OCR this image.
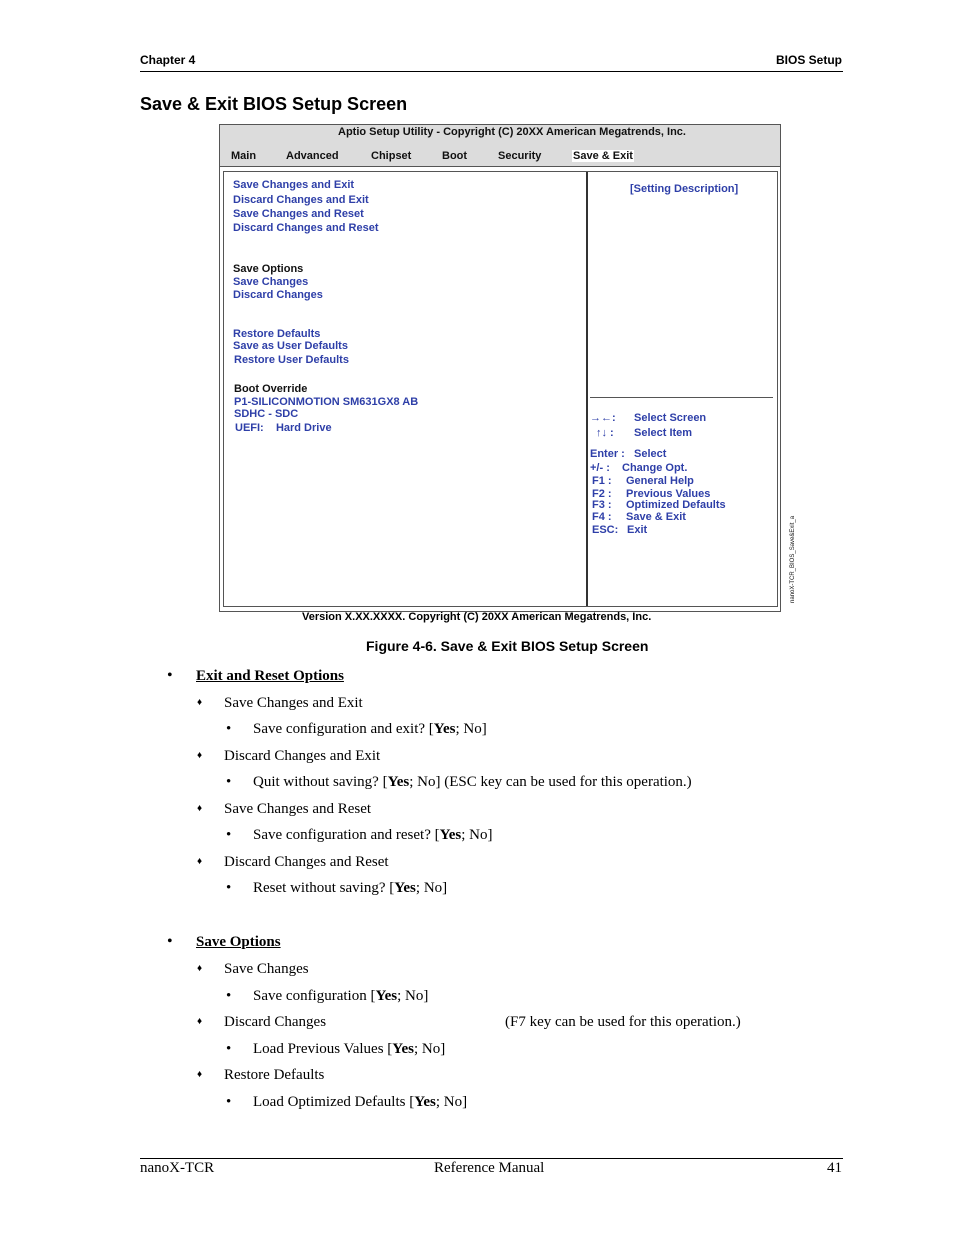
Chapter 4	BIOS Setup
Save & Exit BIOS Setup Screen
Aptio Setup Utility - Copyright (C) 20XX American Megatrends, Inc.
Main	Advanced	Chipset	Boot	Security	Save & Exit
Save Changes and Exit
Discard Changes and Exit
Save Changes and Reset
Discard Changes and Reset
Save Options
Save Changes
Discard Changes
Restore Defaults
Save as User Defaults
Restore User Defaults
Boot Override
P1-SILICONMOTION SM631GX8 AB
SDHC - SDC
UEFI:    Hard Drive
[Setting Description]
→←: Select Screen
↑↓ : Select Item
Enter : Select
+/- : Change Opt.
F1 : General Help
F2 : Previous Values
F3 : Optimized Defaults
F4 : Save & Exit
ESC: Exit	nanoX-TCR_BIOS_Save&Exit_a
Version X.XX.XXXX. Copyright (C) 20XX American Megatrends, Inc.
Figure 4-6. Save & Exit BIOS Setup Screen
• Exit and Reset Options
♦ Save Changes and Exit
• Save configuration and exit? [Yes; No]
♦ Discard Changes and Exit
• Quit without saving? [Yes; No] (ESC key can be used for this operation.)
♦ Save Changes and Reset
• Save configuration and reset? [Yes; No]
♦ Discard Changes and Reset
• Reset without saving? [Yes; No]
• Save Options
♦ Save Changes
• Save configuration [Yes; No]
♦ Discard Changes	(F7 key can be used for this operation.)
• Load Previous Values [Yes; No]
♦ Restore Defaults
• Load Optimized Defaults [Yes; No]
nanoX-TCR	Reference Manual	41
